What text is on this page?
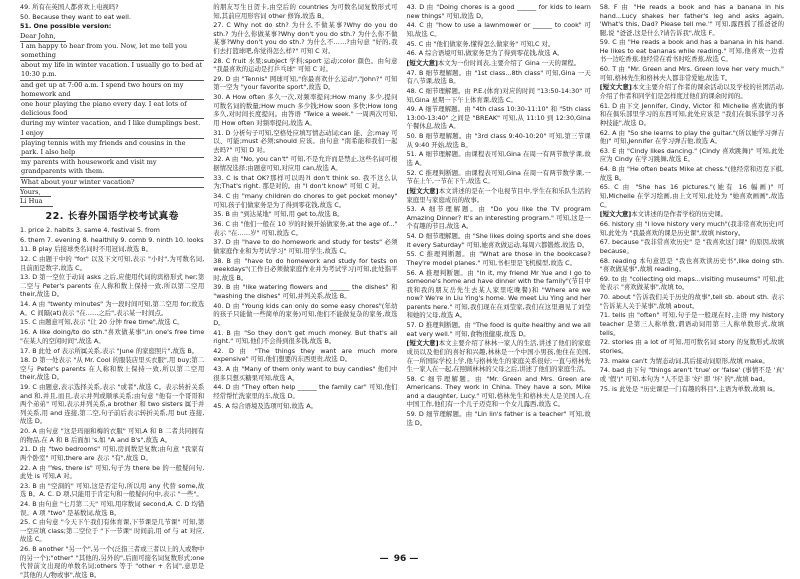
49. 所有在英国人都喜欢上电视吗?

50. Because they want to eat well.

51. One possible version:

Dear John,
I am happy to hear from you. Now, let me tell you something
about my life in winter vacation. I usually go to bed at 10:30 p.m.
and get up at 7:00 a.m. I spend two hours on my homework and
one hour playing the piano every day. I eat lots of delicious food
during my winter vacation, and I like dumplings best. I enjoy
playing tennis with my friends and cousins in the park. I also help
my parents with housework and visit my grandparents with them.
What about your winter vacation?
Yours,
Li Hua
22. 长春外国语学校考试真卷

1. price 2. habits 3. same 4. festival 5. from

6. them 7. evening 8. healthily 9. comb 9. ninth 10. looks

11. B play 后接球类名词时不用冠词,故选 B。

12. C 由题干中的 "for" 以及下文可知,表示 "小时",为可数名词,且前面是数字,故选 C。

13. D 第一空位于动词 asks 之后,应使用代词的宾格形式 her;第二空与 Peter's parents 在人称和数上保持一致,所以第二空用 their,故选 D。

14. A 由 "twenty minutes" 为一段时间可知,第二空用 for;故选 A。C 间隔(at)表示 "在……之后",表示某一时间点。

15. C 由题意可知,表示 "让 20 分钟 free time",故选 C。

16. A like doing/to do sth."喜欢做某事",in one's free time "在某人的空闲时间",故选 A。

17. B 此处 of 表示所属关系,表示 "June 的家庭照片",故选 B。

18. D 第一处表示 "从 Mr. Cool 的服装店里买衣服",用 buy;第二空与 Peter's parents 在人称和数上保持一致,所以第二空用 their,故选 D。

19. C 由题意,表示选择关系,表示 "或者",故选 C。表示转折关系 and 和,并且,而且,表示并列或顺承关系;由句意 "他有一个哥哥和两个弟弟" 可知,表示并列关系,a brother 和 two sisters 属于并列关系,用 and 连接,第二空,句子前后表示转折关系,用 but 连接,故选 D。

20. A 由句意 "这是玛丽和梅的衣服" 可知,A 和 B 二者共同拥有的物品,在 A 和 B 后面加 's,如 "A and B's",故选 A。

21. D 由 "two bedrooms" 可知,房间数是复数;由句意 "我家有两个卧室" 可知,there are 表示 "有",故选 D。

22. A 由 "Yes, there is" 可知,句子为 there be 的一般疑问句,此处 is 可知,A 对。

23. B 由 "空洞的" 可知,这是否定句,所以用 any 代替 some,故选 B。A. C. D 项,只能用于肯定句和一般疑问句中,表示 "一些"。

24. B 由句意 "七月第二天" 可知,用序数词 second,A. C. D 均错误。A 项 "two" 是基数词,故选 B。

25. C 由句意 "今天下午我们有体育课,下节课是几节课" 可知,第一空应填 class;第二空位于 "下一节课" 时间前,用 of 与 at 对应,故选 C。

26. B another "另一个",另一个(泛指三者或三者以上的人或物中的另一个);"other" "其他的,另外的",后面可接名词复数形式;one 代替前文出现的单数名词;others 等于 "other + 名词",意思是 "其他的人/物或事",故选 B。

的朋友写生日贺卡,由空后的 countries 为可数名词复数形式可知,其前应用形容词 other 修饰,故选 B。

27. C Why not do sth? 为什么不做某事?Why do you do sth.? 为什么你做某事?Why don't you do sth.? 为什么你不做某事?Why don't you do sth.? 为什么不……?由句意 "好的,我们去打篮球吧,你觉得怎么样?" 可知 C 对。

28. C fruit 水果;subject 学科;sport 运动;color 颜色。由句意 "我最喜欢的运动是打乒乓球" 可知 C 对。

29. D 由 "Tennis" 网球可知,"你最喜欢什么运动","John?" 可知第一空为 "your favorite sport",故选 D。

30. A How often 多久一次,对频率提问;How many 多少,提问可数名词的数量;How much 多少钱;How soon 多快;How long 多久,对时间长度提问。由答语 "Twice a week." 一周两次可知,用 How often 对频率提问,故选 A。

31. D 分析句子可知,空格处应填写情态动词;can 能、会;may 可以、可能;must 必须;should 应该。由句意 "南希能和我们一起去吗?" 可知 D 对。

32. A 由 "No, you can't" 可知,不是允许而是禁止,这些名词可根据情况选择;由题意可知,对应用 can,故选 A。

33. C Is that OK?那样可以吗?I don't think so. 我不这么认为;That's right. 那是对的。由 "I don't know" 可知 C 对。

34. C 由 "many children do chores to get pocket money" 可知,孩子们做家务是为了得到零花钱,故选 C。

35. B 由 "到达某地" 可知,用 get to,故选 B。

36. C 由 "他们一般在 10 岁的时候开始做家务,at the age of..." 表示 "在……岁" 可知,故选 C。

37. D 由 "have to do homework and study for tests" 必须做家庭作业和为考试学习" 可知,用学生,故选 C。

38. B 由 "have to do homework and study for tests on weekdays"(工作日必须做家庭作业并为考试学习)可知,此处指平时,故选 B。

39. B 由 "like watering flowers and ______ the dishes" 和 "washing the dishes" 可知,并列关系,故选 B。

40. D 由 "Young kids can only do some easy chores"(年幼的孩子只能做一些简单的家务)可知,他们不能做复杂的家务,故选 D。

41. B 由 "So they don't get much money. But that's all right." 可知,他们不会得到很多钱,故选 B。

42. D 由 "The things they want are much more expensive" 可知,他们想要的东西更贵,故选 D。

43. A 由 "Many of them only want to buy candies" 他们中很多只想买糖果可知,故选 A。

44. D 由 "They often help ______ the family car" 可知,他们经常帮忙洗家里的车,故选 D。

45. A 综合语境及选项可知,故选 A。

43. D 由 "Doing chores is a good ______ for kids to learn new things" 可知,故选 D。

44. C 由 "how to use a lawnmower or ______ to cook" 可知,故选 C。

45. C 由 "他们做家务,懂得怎么做家务" 可知,C 对。

46. A 综合语境可知,做家务是为了得到零花钱,故选 A。

[短文大意]本文为一份时间表,主要介绍了 Gina 一天的课程。

47. B 细节理解题。由 "1st class...8th class" 可知,Gina 一天有八节课,故选 B。

48. C 细节理解题。由 P.E.(体育)对应的时间 "13:50-14:30" 可知,Gina 星期一下午上体育课,故选 C。

49. A 细节理解题。由 "4th class 10:30-11:10" 和 "5th class 13:00-13:40" 之间是 "BREAK" 可知,从 11:10 到 12:30,Gina 午餐休息,故选 A。

50. B 细节理解题。由 "3rd class 9:40-10:20" 可知,第三节课从 9:40 开始,故选 B。

51. A 细节理解题。由课程表可知,Gina 在周一有两节数学课,故选 A。

52. C 推理判断题。由课程表可知,Gina 在周一有两节数学课,一节在上午,一节在下午,故选 C。

[短文大意]本文讲述的是在一个电视节目中,学生在和乐队生活的家庭里与家庭成员的故事。

53. A 细节理解题。由 "Do you like the TV program Amazing Dinner? It's an interesting program." 可知,这是一个有趣的节目,故选 A。

54. D 细节理解题。由 "She likes doing sports and she does it every Saturday" 可知,她喜欢做运动,每周六都锻炼,故选 D。

55. C 推理判断题。由 "What are those in the bookcase? They're model planes." 可知,书柜里是飞机模型,故选 C。

56. A 推理判断题。由 "In it, my friend Mr Yue and I go to someone's home and have dinner with the family"(节目中我和我的朋友岳先生去某人家里吃晚餐)和 "Where are we now? We're in Liu Ying's home. We meet Liu Ying and her parents here." 可知,我们现在在刘莹家,我们在这里遇见了刘莹和她的父母,故选 A。

57. D 推理判断题。由 "The food is quite healthy and we all eat very well." 可知,食物很健康,故选 D。

[短文大意]本文主要介绍了林林一家人的生活,讲述了他们的家庭成员以及他们的喜好和兴趣,林林是一个中国小男孩,他住在美国,在一所国际学校上学,他与格林先生的家庭关系很好;一直与格林先生一家人在一起,在照顾林林的父母之后,讲述了他们的家庭生活。

58. C 细节理解题。由 "Mr. Green and Mrs. Green are Americans. They work in China. They have a son, Mike and a daughter, Lucy." 可知,格林先生和格林夫人是美国人,在中国工作,他们有一个儿子迈克和一个女儿露西,故选 C。

59. D 细节理解题。由 "Lin lin's father is a teacher" 可知,故选 D。

58. F 由 "He reads a book and has a banana in his hand...Lucy shakes her father's leg and asks again, 'What's this, Dad? Please tell me.'" 可知,露西摇了摇爸爸的腿,说 "爸爸,这是什么?请告诉我",故选 F。

59. C 由 "He reads a book and has a banana in his hand. He likes to eat bananas while reading." 可知,他喜欢一边看书一边吃香蕉,他经常在看书时吃香蕉,故选 C。

60. T 由 "Mr. Green and Mrs. Green love her very much." 可知,格林先生和格林夫人都非常爱她,故选 T。

[短文大意]本文主要介绍了作者的课余活动以及学校的社团活动,介绍了作者和同学们是怎样度过他们的课余时间的。

61. D 由下文 Jennifer, Cindy, Victor 和 Michelle 喜欢做的事和在俱乐部里学习的东西可知,此处应该是 "我们在俱乐部学习各种技能",故选 D。

62. A 由 "So she learns to play the guitar."(所以她学习弹吉他)" 可知,Jennifer 在学习弹吉他,故选 A。

63. E 由 "Cindy likes dancing." (Cindy 喜欢跳舞)" 可知,此处应为 Cindy 在学习跳舞,故选 E。

64. B 由 "He often beats Mike at chess."(他经常和迈克下棋,故选 B。

65. C 由 "She has 16 pictures."(她有 16 幅画)" 可知,Michelle 在学习绘画,由上文可知,此处为 "她喜欢画画",故选 C。

[短文大意]本文讲述的是作者学校的历史课。

66. history 由 "I love history very much"(我非常喜欢历史)可知,此处为 "我最喜欢的课是历史课",故填 history。

67. because "我非常喜欢历史" 是 "我喜欢这门课" 的原因,故填 because。

68. reading 本句意思是 "我也喜欢读历史书",like doing sth. "喜欢做某事",故填 reading。

69. to 由 "collecting old maps...visiting museums" 可知,此处表示 "喜欢做某事",故填 to。

70. about "告诉我们关于历史的故事",tell sb. about sth. 表示 "告诉某人关于某事",故填 about。

71. tells 由 "often" 可知,句子是一般现在时,主语 my history teacher 是第三人称单数,谓语动词用第三人称单数形式,故填 tells。

72. stories 由 a lot of 可知,用可数名词 story 的复数形式,故填 stories。

73. make can't 为情态动词,其后接动词原形,故填 make。

74. bad 由下句 "things aren't 'true' or 'false' (事情不是 '真' 或 '假')" 可知,本句为 "人不是非 '好' 即 '坏' 的",故填 bad。

75. is 此处是 "历史课是一门有趣的科目",主语为单数,故填 is。

— 96 —
